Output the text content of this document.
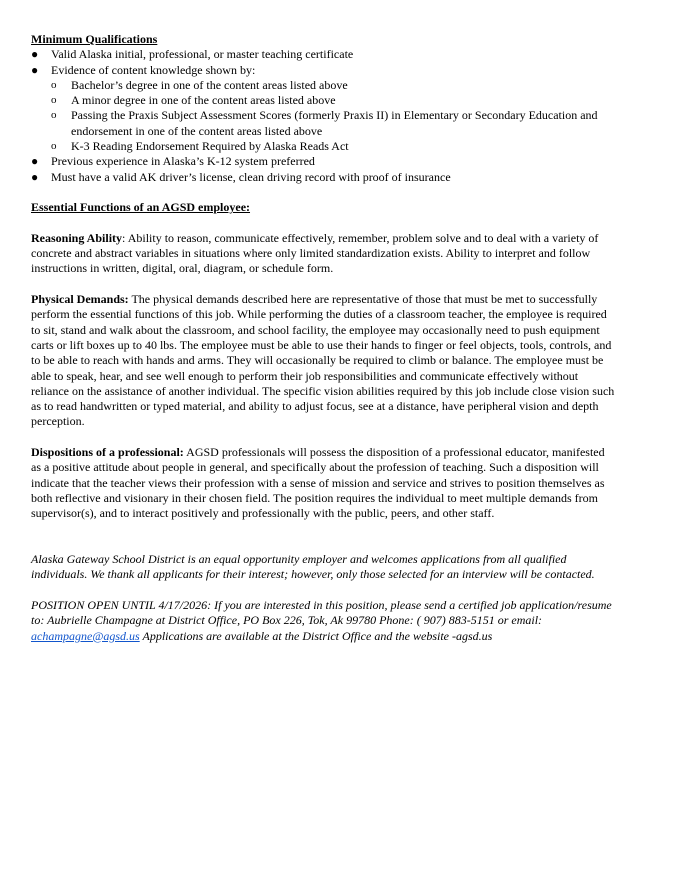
Minimum Qualifications

● Valid Alaska initial, professional, or master teaching certificate
● Evidence of content knowledge shown by:
o Bachelor’s degree in one of the content areas listed above
o A minor degree in one of the content areas listed above
o Passing the Praxis Subject Assessment Scores (formerly Praxis II) in Elementary or Secondary Education and endorsement in one of the content areas listed above
o K-3 Reading Endorsement Required by Alaska Reads Act
● Previous experience in Alaska’s K-12 system preferred
● Must have a valid AK driver’s license, clean driving record with proof of insurance

Essential Functions of an AGSD employee:

Reasoning Ability: Ability to reason, communicate effectively, remember, problem solve and to deal with a variety of concrete and abstract variables in situations where only limited standardization exists. Ability to interpret and follow instructions in written, digital, oral, diagram, or schedule form.

Physical Demands: The physical demands described here are representative of those that must be met to successfully perform the essential functions of this job. While performing the duties of a classroom teacher, the employee is required to sit, stand and walk about the classroom, and school facility, the employee may occasionally need to push equipment carts or lift boxes up to 40 lbs. The employee must be able to use their hands to finger or feel objects, tools, controls, and to be able to reach with hands and arms. They will occasionally be required to climb or balance. The employee must be able to speak, hear, and see well enough to perform their job responsibilities and communicate effectively without reliance on the assistance of another individual. The specific vision abilities required by this job include close vision such as to read handwritten or typed material, and ability to adjust focus, see at a distance, have peripheral vision and depth perception.

Dispositions of a professional: AGSD professionals will possess the disposition of a professional educator, manifested as a positive attitude about people in general, and specifically about the profession of teaching. Such a disposition will indicate that the teacher views their profession with a sense of mission and service and strives to position themselves as both reflective and visionary in their chosen field. The position requires the individual to meet multiple demands from supervisor(s), and to interact positively and professionally with the public, peers, and other staff.

Alaska Gateway School District is an equal opportunity employer and welcomes applications from all qualified individuals. We thank all applicants for their interest; however, only those selected for an interview will be contacted.

POSITION OPEN UNTIL 4/17/2026: If you are interested in this position, please send a certified job application/resume to: Aubrielle Champagne at District Office, PO Box 226, Tok, Ak 99780 Phone: ( 907) 883-5151 or email: achampagne@agsd.us Applications are available at the District Office and the website -agsd.us
